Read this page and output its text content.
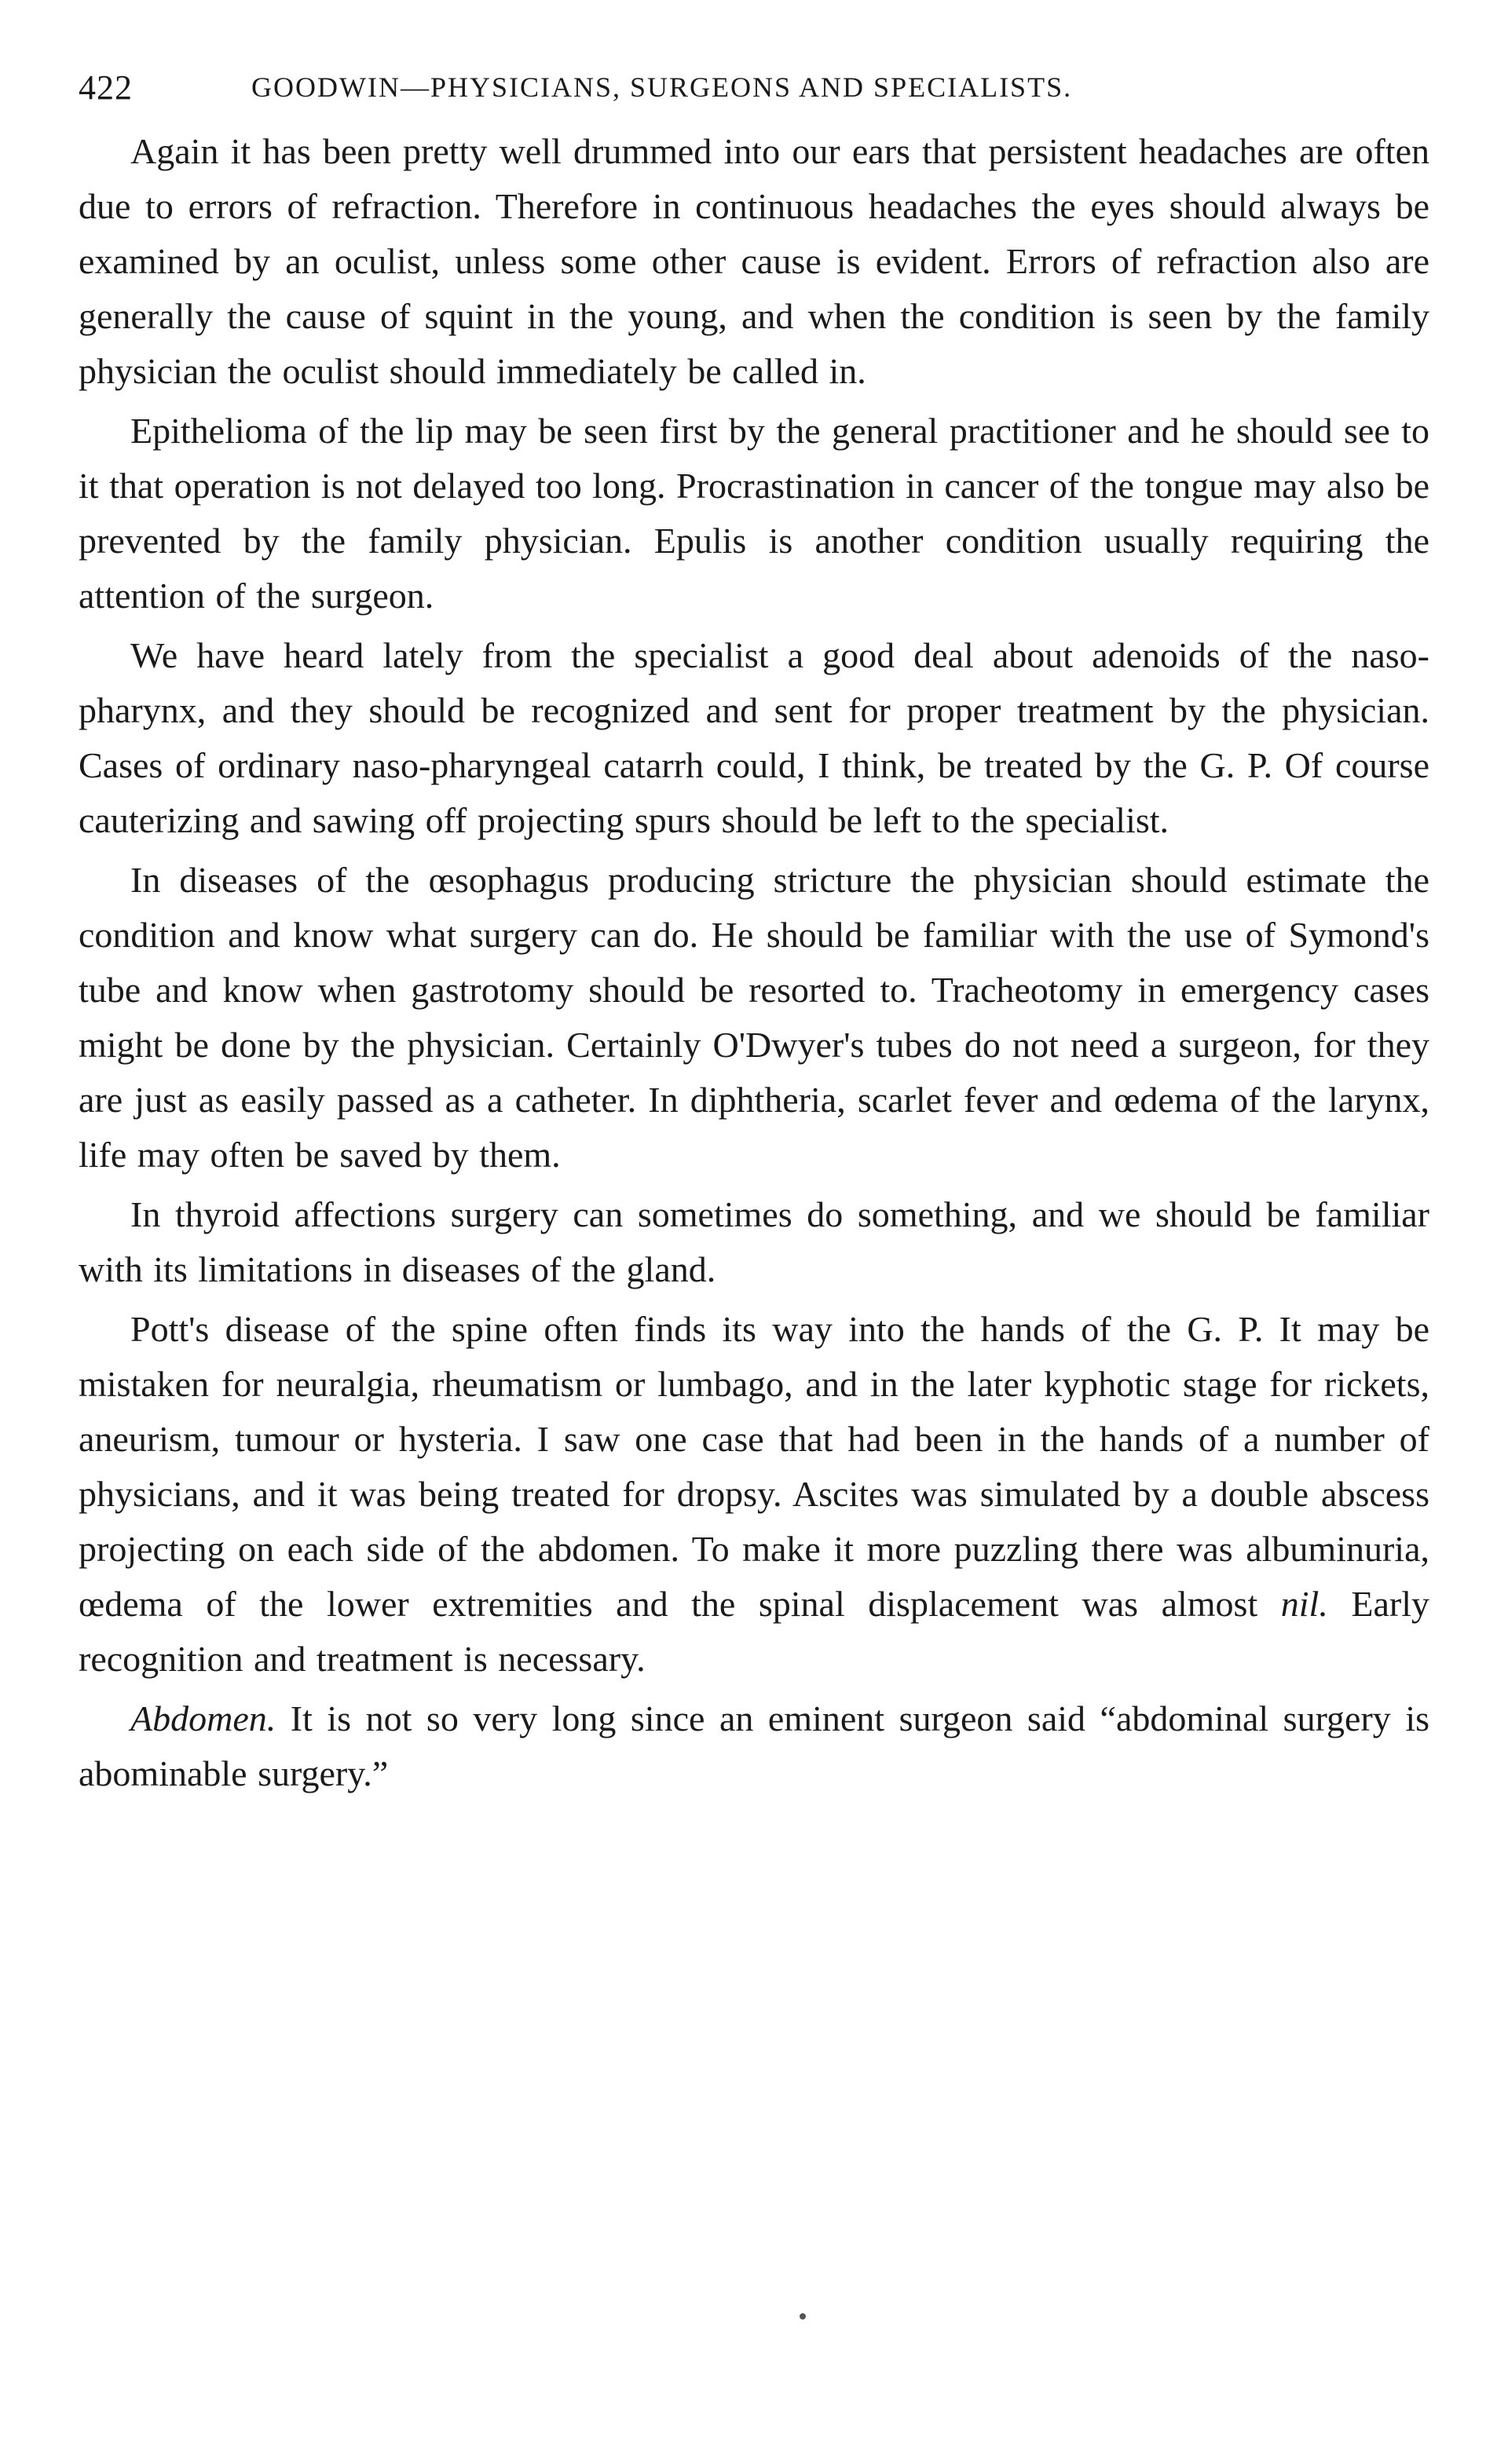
422	GOODWIN—PHYSICIANS, SURGEONS AND SPECIALISTS.

Again it has been pretty well drummed into our ears that persistent headaches are often due to errors of refraction. Therefore in continuous headaches the eyes should always be examined by an oculist, unless some other cause is evident. Errors of refraction also are generally the cause of squint in the young, and when the condition is seen by the family physician the oculist should immediately be called in.

Epithelioma of the lip may be seen first by the general practitioner and he should see to it that operation is not delayed too long. Procrastination in cancer of the tongue may also be prevented by the family physician. Epulis is another condition usually requiring the attention of the surgeon.

We have heard lately from the specialist a good deal about adenoids of the naso-pharynx, and they should be recognized and sent for proper treatment by the physician. Cases of ordinary naso-pharyngeal catarrh could, I think, be treated by the G. P. Of course cauterizing and sawing off projecting spurs should be left to the specialist.

In diseases of the œsophagus producing stricture the physician should estimate the condition and know what surgery can do. He should be familiar with the use of Symond's tube and know when gastrotomy should be resorted to. Tracheotomy in emergency cases might be done by the physician. Certainly O'Dwyer's tubes do not need a surgeon, for they are just as easily passed as a catheter. In diphtheria, scarlet fever and œdema of the larynx, life may often be saved by them.

In thyroid affections surgery can sometimes do something, and we should be familiar with its limitations in diseases of the gland.

Pott's disease of the spine often finds its way into the hands of the G. P. It may be mistaken for neuralgia, rheumatism or lumbago, and in the later kyphotic stage for rickets, aneurism, tumour or hysteria. I saw one case that had been in the hands of a number of physicians, and it was being treated for dropsy. Ascites was simulated by a double abscess projecting on each side of the abdomen. To make it more puzzling there was albuminuria, œdema of the lower extremities and the spinal displacement was almost nil. Early recognition and treatment is necessary.

Abdomen. It is not so very long since an eminent surgeon said “abdominal surgery is abominable surgery.”
